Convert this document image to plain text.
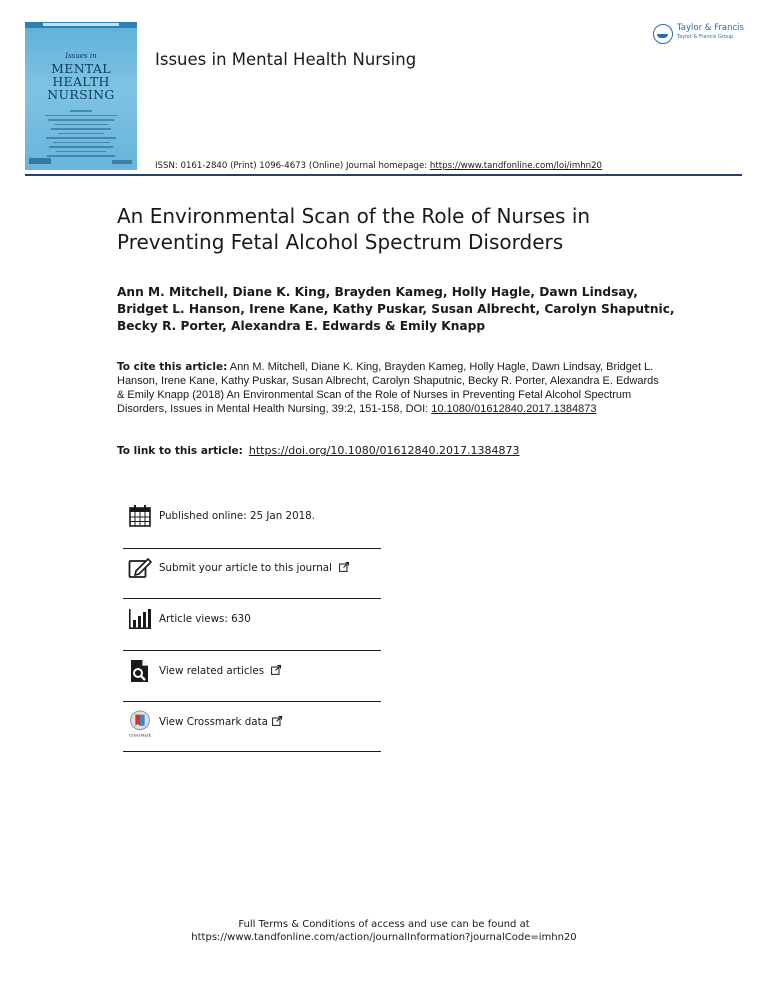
Issues in
MENTAL
HEALTH
NURSING
Issues in Mental Health Nursing
Taylor & Francis
Taylor & Francis Group
ISSN: 0161-2840 (Print) 1096-4673 (Online) Journal homepage: https://www.tandfonline.com/loi/imhn20
An Environmental Scan of the Role of Nurses in Preventing Fetal Alcohol Spectrum Disorders
Ann M. Mitchell, Diane K. King, Brayden Kameg, Holly Hagle, Dawn Lindsay, Bridget L. Hanson, Irene Kane, Kathy Puskar, Susan Albrecht, Carolyn Shaputnic, Becky R. Porter, Alexandra E. Edwards & Emily Knapp
To cite this article: Ann M. Mitchell, Diane K. King, Brayden Kameg, Holly Hagle, Dawn Lindsay, Bridget L. Hanson, Irene Kane, Kathy Puskar, Susan Albrecht, Carolyn Shaputnic, Becky R. Porter, Alexandra E. Edwards & Emily Knapp (2018) An Environmental Scan of the Role of Nurses in Preventing Fetal Alcohol Spectrum Disorders, Issues in Mental Health Nursing, 39:2, 151-158, DOI: 10.1080/01612840.2017.1384873
To link to this article: https://doi.org/10.1080/01612840.2017.1384873
Published online: 25 Jan 2018.
Submit your article to this journal
Article views: 630
View related articles
CrossMark
View Crossmark data
Full Terms & Conditions of access and use can be found at
https://www.tandfonline.com/action/journalInformation?journalCode=imhn20
